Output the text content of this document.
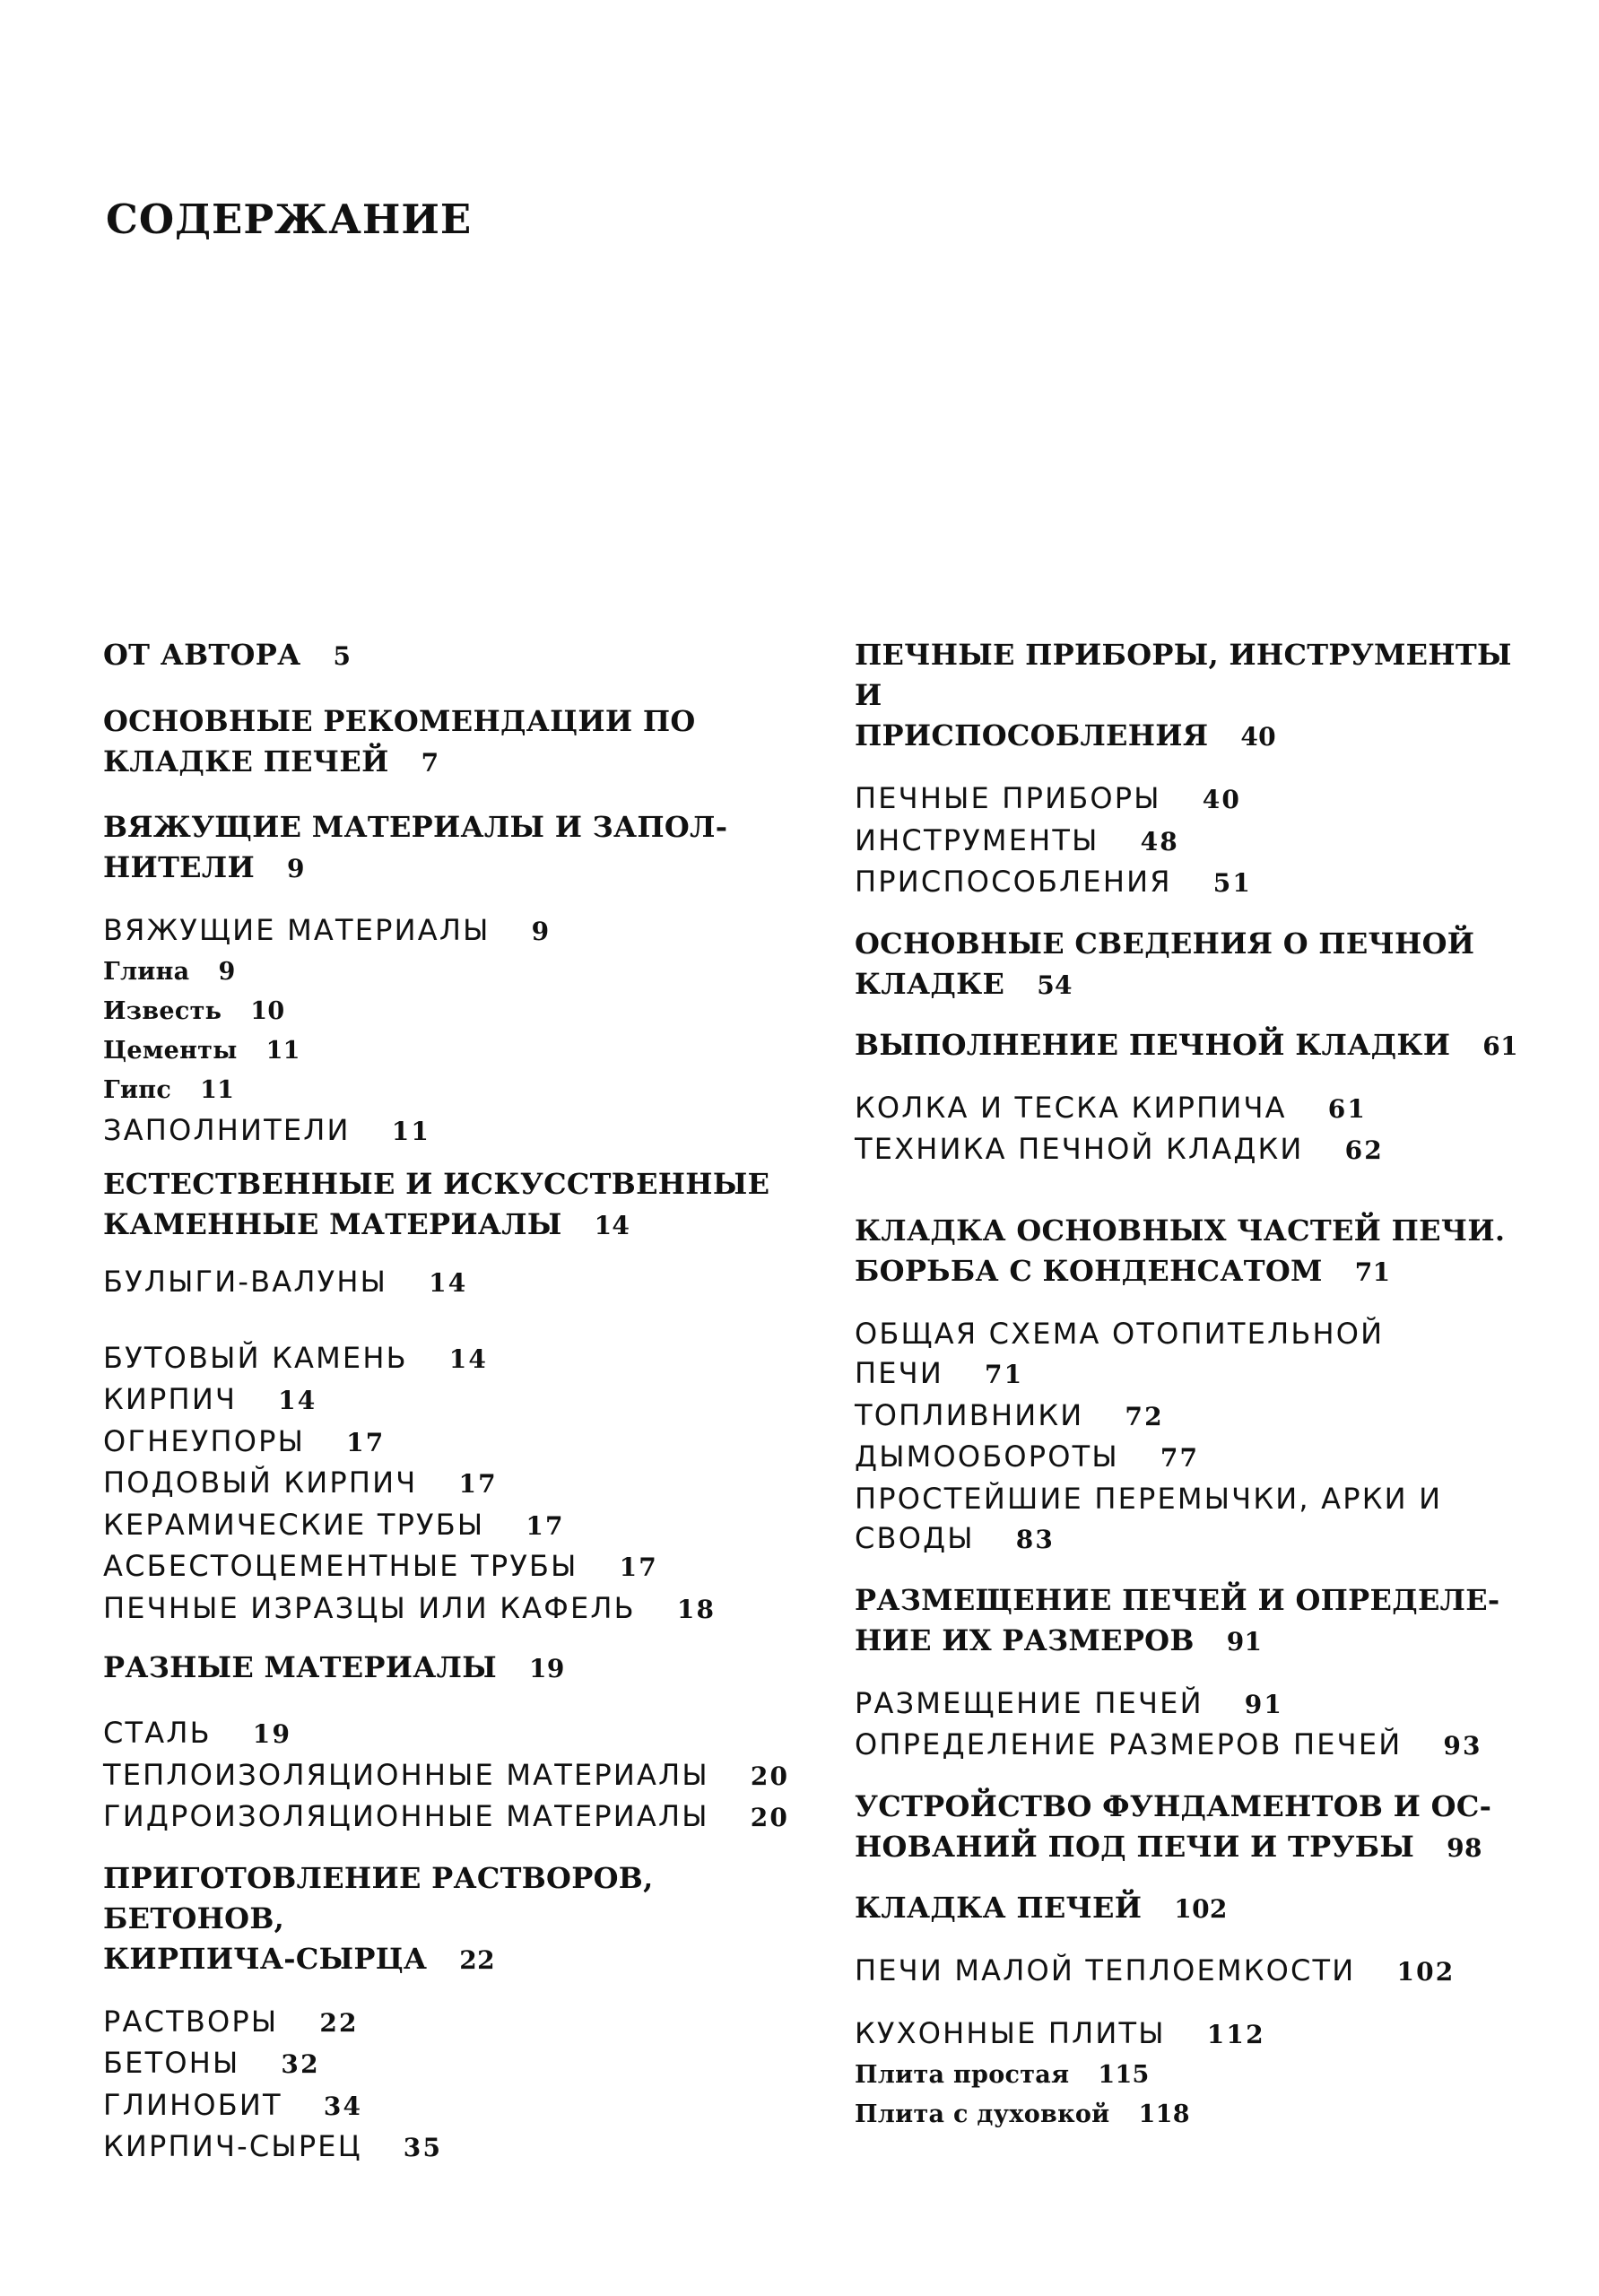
СОДЕРЖАНИЕ
ОТ АВТОРА 5
ОСНОВНЫЕ РЕКОМЕНДАЦИИ ПО
КЛАДКЕ ПЕЧЕЙ 7
ВЯЖУЩИЕ МАТЕРИАЛЫ И ЗАПОЛ-
НИТЕЛИ 9
ВЯЖУЩИЕ МАТЕРИАЛЫ 9
Глина 9
Известь 10
Цементы 11
Гипс 11
ЗАПОЛНИТЕЛИ 11
ЕСТЕСТВЕННЫЕ И ИСКУССТВЕННЫЕ
КАМЕННЫЕ МАТЕРИАЛЫ 14
БУЛЫГИ-ВАЛУНЫ 14
БУТОВЫЙ КАМЕНЬ 14
КИРПИЧ 14
ОГНЕУПОРЫ 17
ПОДОВЫЙ КИРПИЧ 17
КЕРАМИЧЕСКИЕ ТРУБЫ 17
АСБЕСТОЦЕМЕНТНЫЕ ТРУБЫ 17
ПЕЧНЫЕ ИЗРАЗЦЫ ИЛИ КАФЕЛЬ 18
РАЗНЫЕ МАТЕРИАЛЫ 19
СТАЛЬ 19
ТЕПЛОИЗОЛЯЦИОННЫЕ МАТЕРИАЛЫ 20
ГИДРОИЗОЛЯЦИОННЫЕ МАТЕРИАЛЫ 20
ПРИГОТОВЛЕНИЕ РАСТВОРОВ, БЕТОНОВ,
КИРПИЧА-СЫРЦА 22
РАСТВОРЫ 22
БЕТОНЫ 32
ГЛИНОБИТ 34
КИРПИЧ-СЫРЕЦ 35
ПЕЧНЫЕ ПРИБОРЫ, ИНСТРУМЕНТЫ И
ПРИСПОСОБЛЕНИЯ 40
ПЕЧНЫЕ ПРИБОРЫ 40
ИНСТРУМЕНТЫ 48
ПРИСПОСОБЛЕНИЯ 51
ОСНОВНЫЕ СВЕДЕНИЯ О ПЕЧНОЙ
КЛАДКЕ 54
ВЫПОЛНЕНИЕ ПЕЧНОЙ КЛАДКИ 61
КОЛКА И ТЕСКА КИРПИЧА 61
ТЕХНИКА ПЕЧНОЙ КЛАДКИ 62
КЛАДКА ОСНОВНЫХ ЧАСТЕЙ ПЕЧИ.
БОРЬБА С КОНДЕНСАТОМ 71
ОБЩАЯ СХЕМА ОТОПИТЕЛЬНОЙ
ПЕЧИ 71
ТОПЛИВНИКИ 72
ДЫМООБОРОТЫ 77
ПРОСТЕЙШИЕ ПЕРЕМЫЧКИ, АРКИ И
СВОДЫ 83
РАЗМЕЩЕНИЕ ПЕЧЕЙ И ОПРЕДЕЛЕ-
НИЕ ИХ РАЗМЕРОВ 91
РАЗМЕЩЕНИЕ ПЕЧЕЙ 91
ОПРЕДЕЛЕНИЕ РАЗМЕРОВ ПЕЧЕЙ 93
УСТРОЙСТВО ФУНДАМЕНТОВ И ОС-
НОВАНИЙ ПОД ПЕЧИ И ТРУБЫ 98
КЛАДКА ПЕЧЕЙ 102
ПЕЧИ МАЛОЙ ТЕПЛОЕМКОСТИ 102
КУХОННЫЕ ПЛИТЫ 112
Плита простая 115
Плита с духовкой 118
